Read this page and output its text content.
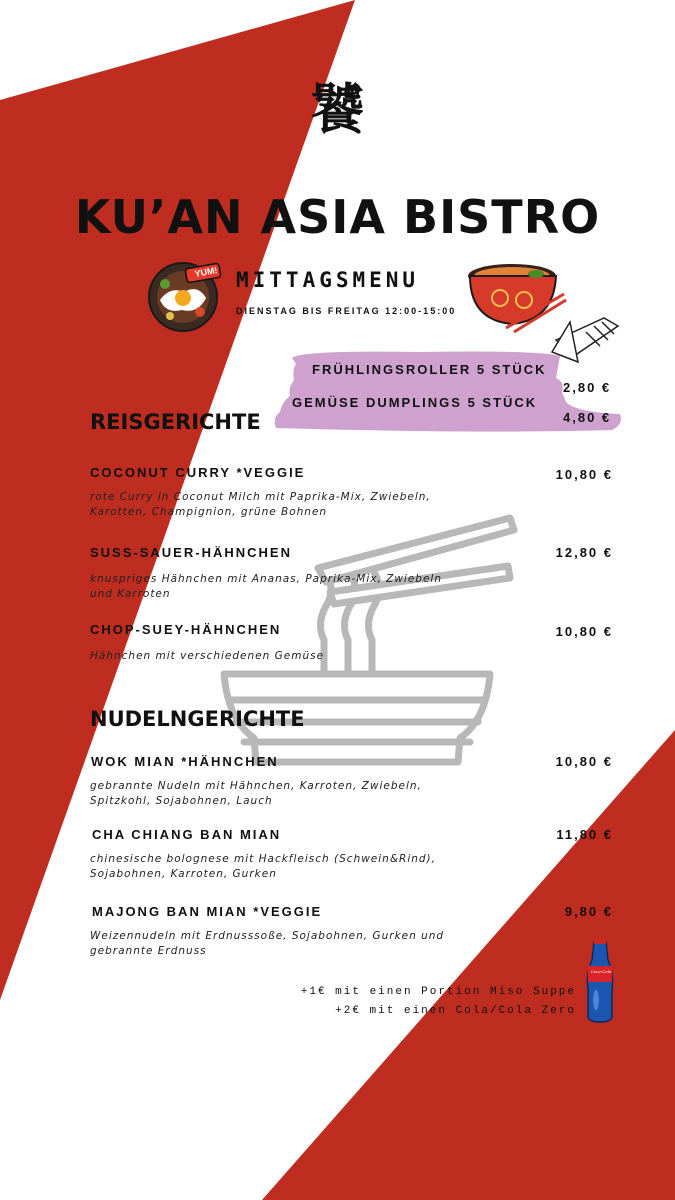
饕
KU’AN ASIA BISTRO
YUM! MITTAGSMENU
DIENSTAG BIS FREITAG 12:00-15:00
FRÜHLINGSROLLER 5 STÜCK
2,80 €
GEMÜSE DUMPLINGS 5 STÜCK
4,80 €
REISGERICHTE
COCONUT CURRY *VEGGIE	10,80 €
rote Curry in Coconut Milch mit Paprika-Mix, Zwiebeln,
Karotten, Champignion, grüne Bohnen
SUSS-SAUER-HÄHNCHEN	12,80 €
knuspriges Hähnchen mit Ananas, Paprika-Mix, Zwiebeln
und Karroten
CHOP-SUEY-HÄHNCHEN	10,80 €
Hähnchen mit verschiedenen Gemüse
NUDELNGERICHTE
WOK MIAN *HÄHNCHEN	10,80 €
gebrannte Nudeln mit Hähnchen, Karroten, Zwiebeln,
Spitzkohl, Sojabohnen, Lauch
CHA CHIANG BAN MIAN	11,80 €
chinesische bolognese mit Hackfleisch (Schwein&Rind),
Sojabohnen, Karroten, Gurken
MAJONG BAN MIAN *VEGGIE	9,80 €
Weizennudeln mit Erdnusssoße, Sojabohnen, Gurken und
gebrannte Erdnuss
+1€ mit einen Portion Miso Suppe
+2€ mit einen Cola/Cola Zero
Coca-Cola
